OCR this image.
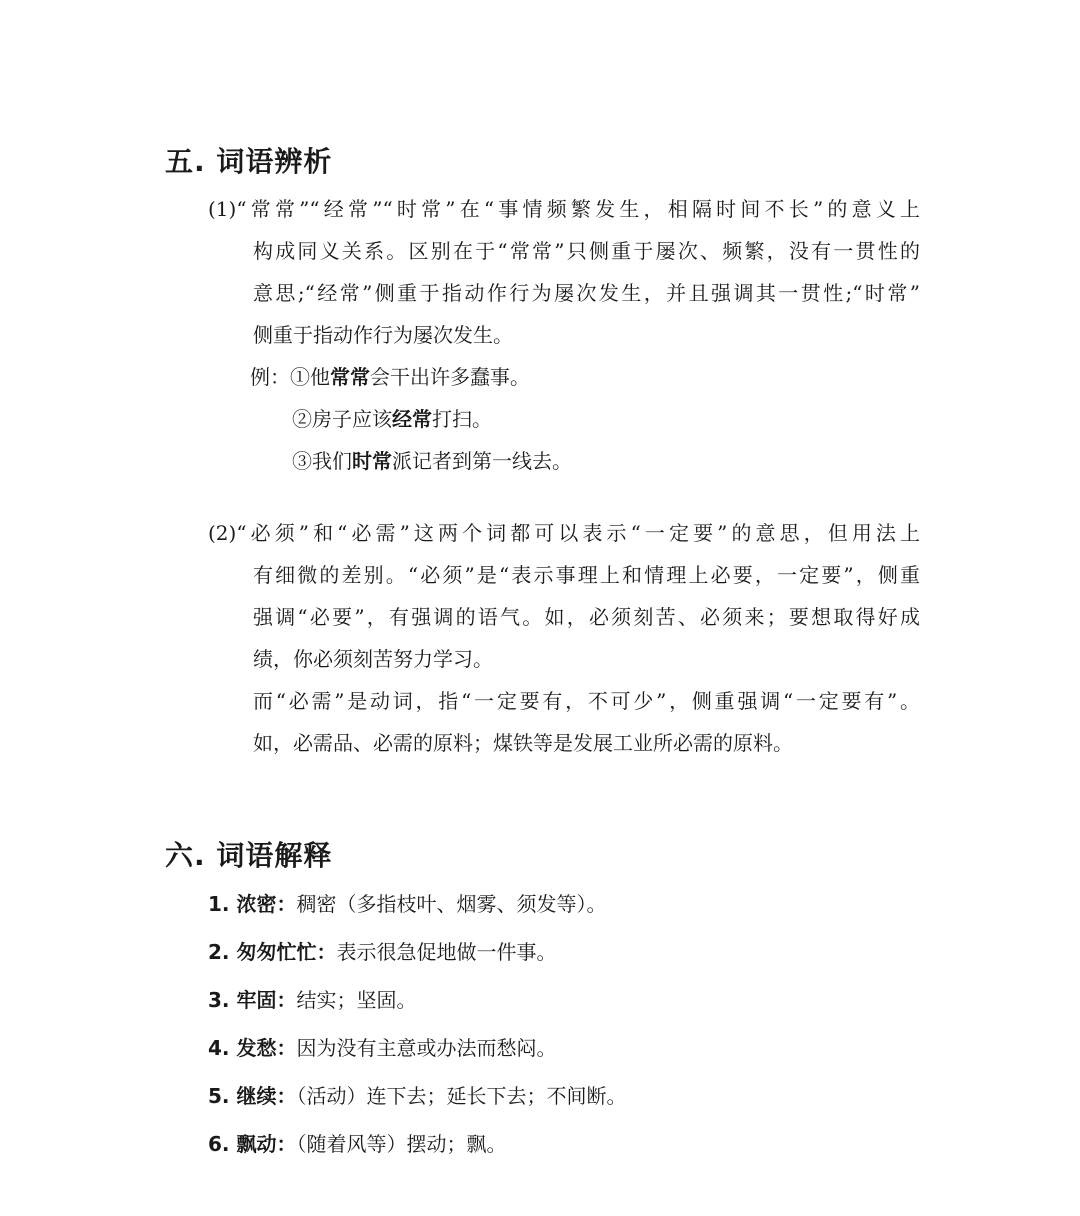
五. 词语辨析
(1)“常常”“经常”“时常”在“事情频繁发生，相隔时间不长”的意义上
构成同义关系。区别在于“常常”只侧重于屡次、频繁，没有一贯性的
意思;“经常”侧重于指动作行为屡次发生，并且强调其一贯性;“时常”
侧重于指动作行为屡次发生。
例：①他常常会干出许多蠢事。
②房子应该经常打扫。
③我们时常派记者到第一线去。
(2)“必须”和“必需”这两个词都可以表示“一定要”的意思，但用法上
有细微的差别。“必须”是“表示事理上和情理上必要，一定要”，侧重
强调“必要”，有强调的语气。如，必须刻苦、必须来；要想取得好成
绩，你必须刻苦努力学习。
而“必需”是动词，指“一定要有，不可少”，侧重强调“一定要有”。
如，必需品、必需的原料；煤铁等是发展工业所必需的原料。
六. 词语解释

1. 浓密：稠密（多指枝叶、烟雾、须发等）。

2. 匆匆忙忙：表示很急促地做一件事。

3. 牢固：结实；坚固。

4. 发愁：因为没有主意或办法而愁闷。

5. 继续：（活动）连下去；延长下去；不间断。

6. 飘动：（随着风等）摆动；飘。
